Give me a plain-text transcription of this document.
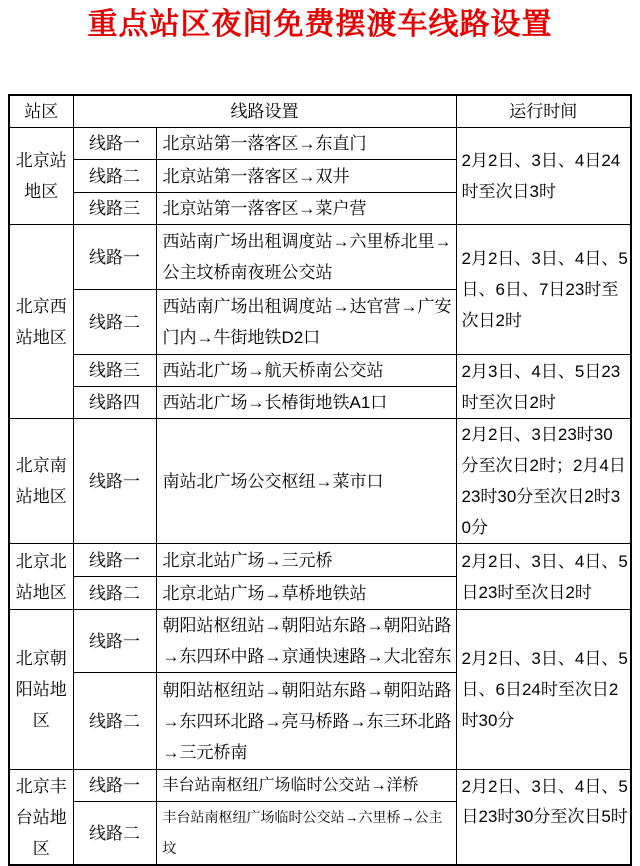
重点站区夜间免费摆渡车线路设置
站区	线路设置		运行时间
北京站地区	线路一	北京站第一落客区→东直门	2月2日、3日、4日24时至次日3时
	线路二	北京站第一落客区→双井	
	线路三	北京站第一落客区→菜户营	
北京西站地区	线路一	西站南广场出租调度站→六里桥北里→公主坟桥南夜班公交站	2月2日、3日、4日、5日、6日、7日23时至次日2时
	线路二	西站南广场出租调度站→达官营→广安门内→牛街地铁D2口	
	线路三	西站北广场→航天桥南公交站	2月3日、4日、5日23时至次日2时
	线路四	西站北广场→长椿街地铁A1口	
北京南站地区	线路一	南站北广场公交枢纽→菜市口	2月2日、3日23时30分至次日2时；2月4日23时30分至次日2时30分
北京北站地区	线路一	北京北站广场→三元桥	2月2日、3日、4日、5日23时至次日2时
	线路二	北京北站广场→草桥地铁站	
北京朝阳站地区	线路一	朝阳站枢纽站→朝阳站东路→朝阳站路→东四环中路→京通快速路→大北窑东	2月2日、3日、4日、5日、6日24时至次日2时30分
	线路二	朝阳站枢纽站→朝阳站东路→朝阳站路→东四环北路→亮马桥路→东三环北路→三元桥南	
北京丰台站地区	线路一	丰台站南枢纽广场临时公交站→洋桥	2月2日、3日、4日、5日23时30分至次日5时

	线路二	丰台站南枢纽广场临时公交站→六里桥→公主坟	
